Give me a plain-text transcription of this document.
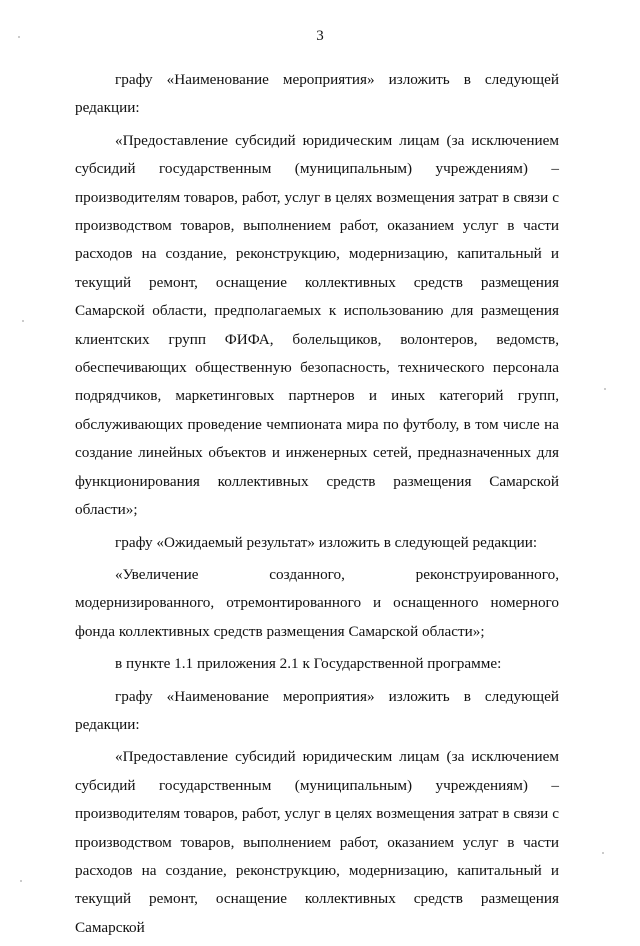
3

графу «Наименование мероприятия» изложить в следующей редакции:

«Предоставление субсидий юридическим лицам (за исключением субсидий государственным (муниципальным) учреждениям) – производителям товаров, работ, услуг в целях возмещения затрат в связи с производством товаров, выполнением работ, оказанием услуг в части расходов на создание, реконструкцию, модернизацию, капитальный и текущий ремонт, оснащение коллективных средств размещения Самарской области, предполагаемых к использованию для размещения клиентских групп ФИФА, болельщиков, волонтеров, ведомств, обеспечивающих общественную безопасность, технического персонала подрядчиков, маркетинговых партнеров и иных категорий групп, обслуживающих проведение чемпионата мира по футболу, в том числе на создание линейных объектов и инженерных сетей, предназначенных для функционирования коллективных средств размещения Самарской области»;

графу «Ожидаемый результат» изложить в следующей редакции:

«Увеличение созданного, реконструированного, модернизированного, отремонтированного и оснащенного номерного фонда коллективных средств размещения Самарской области»;

в пункте 1.1 приложения 2.1 к Государственной программе:

графу «Наименование мероприятия» изложить в следующей редакции:

«Предоставление субсидий юридическим лицам (за исключением субсидий государственным (муниципальным) учреждениям) – производителям товаров, работ, услуг в целях возмещения затрат в связи с производством товаров, выполнением работ, оказанием услуг в части расходов на создание, реконструкцию, модернизацию, капитальный и текущий ремонт, оснащение коллективных средств размещения Самарской
